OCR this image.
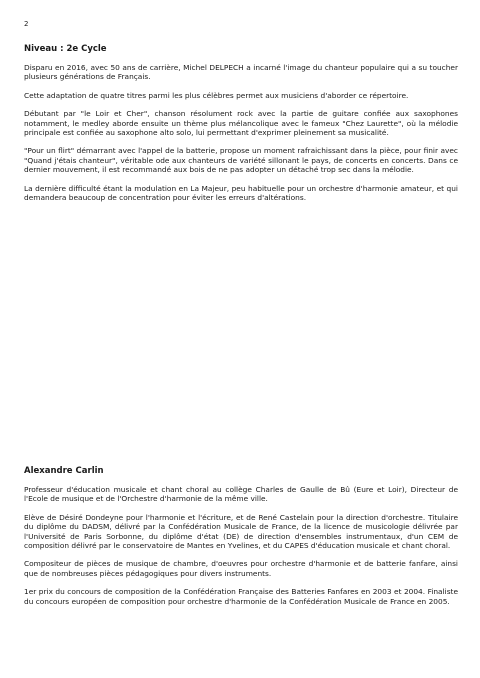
2
Niveau : 2e Cycle

Disparu en 2016, avec 50 ans de carrière, Michel DELPECH a incarné l'image du chanteur populaire qui a su toucher plusieurs générations de Français.

Cette adaptation de quatre titres parmi les plus célèbres permet aux musiciens d'aborder ce répertoire.

Débutant par "le Loir et Cher", chanson résolument rock avec la partie de guitare confiée aux saxophones notamment, le medley aborde ensuite un thème plus mélancolique avec le fameux "Chez Laurette", où la mélodie principale est confiée au saxophone alto solo, lui permettant d'exprimer pleinement sa musicalité.

"Pour un flirt" démarrant avec l'appel de la batterie, propose un moment rafraichissant dans la pièce, pour finir avec "Quand j'étais chanteur", véritable ode aux chanteurs de variété sillonant le pays, de concerts en concerts. Dans ce dernier mouvement, il est recommandé aux bois de ne pas adopter un détaché trop sec dans la mélodie.

La dernière difficulté étant la modulation en La Majeur, peu habituelle pour un orchestre d'harmonie amateur, et qui demandera beaucoup de concentration pour éviter les erreurs d'altérations.

Alexandre Carlin

Professeur d'éducation musicale et chant choral au collège Charles de Gaulle de Bû (Eure et Loir), Directeur de l'Ecole de musique et de l'Orchestre d'harmonie de la même ville.

Elève de Désiré Dondeyne pour l'harmonie et l'écriture, et de René Castelain pour la direction d'orchestre. Titulaire du diplôme du DADSM, délivré par la Confédération Musicale de France, de la licence de musicologie délivrée par l'Université de Paris Sorbonne, du diplôme d'état (DE) de direction d'ensembles instrumentaux, d'un CEM de composition délivré par le conservatoire de Mantes en Yvelines, et du CAPES d'éducation musicale et chant choral.

Compositeur de pièces de musique de chambre, d'oeuvres pour orchestre d'harmonie et de batterie fanfare, ainsi que de nombreuses pièces pédagogiques pour divers instruments.

1er prix du concours de composition de la Confédération Française des Batteries Fanfares en 2003 et 2004. Finaliste du concours européen de composition pour orchestre d'harmonie de la Confédération Musicale de France en 2005.
